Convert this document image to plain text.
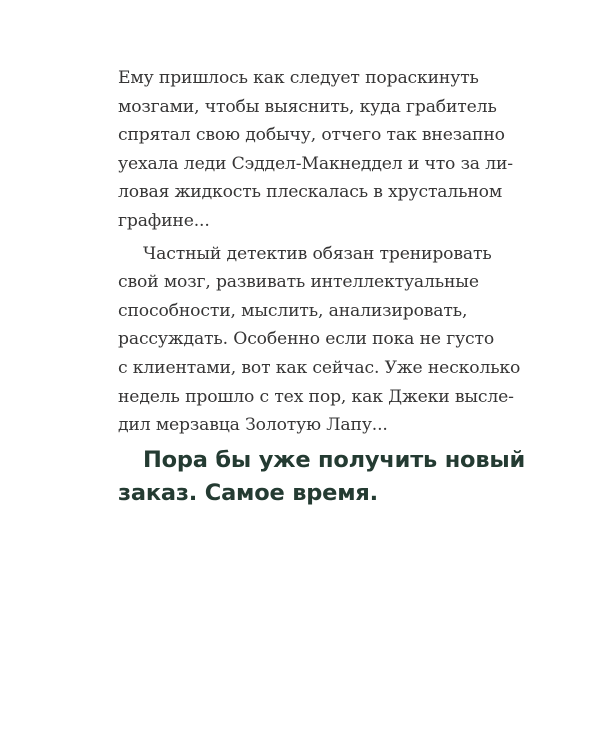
Ему пришлось как следует пораскинуть
мозгами, чтобы выяснить, куда грабитель
спрятал свою добычу, отчего так внезапно
уехала леди Сэддел-Макнеддел и что за ли-
ловая жидкость плескалась в хрустальном
графине...

Частный детектив обязан тренировать
свой мозг, развивать интеллектуальные
способности, мыслить, анализировать,
рассуждать. Особенно если пока не густо
с клиентами, вот как сейчас. Уже несколько
недель прошло с тех пор, как Джеки высле-
дил мерзавца Золотую Лапу...

Пора бы уже получить новый
заказ. Самое время.
